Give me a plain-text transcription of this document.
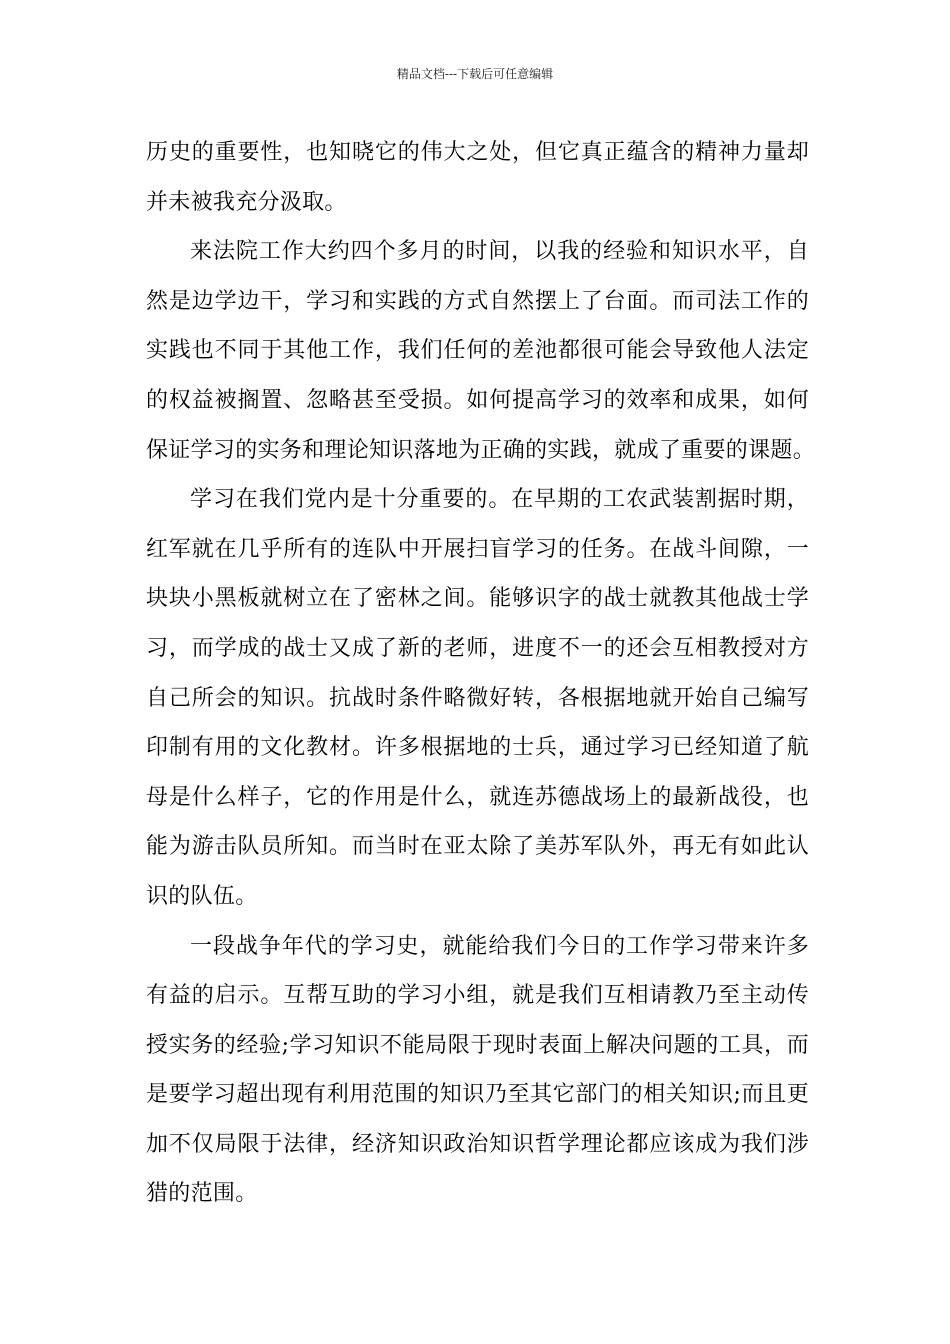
精品文档---下载后可任意编辑
历史的重要性，也知晓它的伟大之处，但它真正蕴含的精神力量却
并未被我充分汲取。
来法院工作大约四个多月的时间，以我的经验和知识水平，自
然是边学边干，学习和实践的方式自然摆上了台面。而司法工作的
实践也不同于其他工作，我们任何的差池都很可能会导致他人法定
的权益被搁置、忽略甚至受损。如何提高学习的效率和成果，如何
保证学习的实务和理论知识落地为正确的实践，就成了重要的课题。
学习在我们党内是十分重要的。在早期的工农武装割据时期，
红军就在几乎所有的连队中开展扫盲学习的任务。在战斗间隙，一
块块小黑板就树立在了密林之间。能够识字的战士就教其他战士学
习，而学成的战士又成了新的老师，进度不一的还会互相教授对方
自己所会的知识。抗战时条件略微好转，各根据地就开始自己编写
印制有用的文化教材。许多根据地的士兵，通过学习已经知道了航
母是什么样子，它的作用是什么，就连苏德战场上的最新战役，也
能为游击队员所知。而当时在亚太除了美苏军队外，再无有如此认
识的队伍。
一段战争年代的学习史，就能给我们今日的工作学习带来许多
有益的启示。互帮互助的学习小组，就是我们互相请教乃至主动传
授实务的经验;学习知识不能局限于现时表面上解决问题的工具，而
是要学习超出现有利用范围的知识乃至其它部门的相关知识;而且更
加不仅局限于法律，经济知识政治知识哲学理论都应该成为我们涉
猎的范围。
